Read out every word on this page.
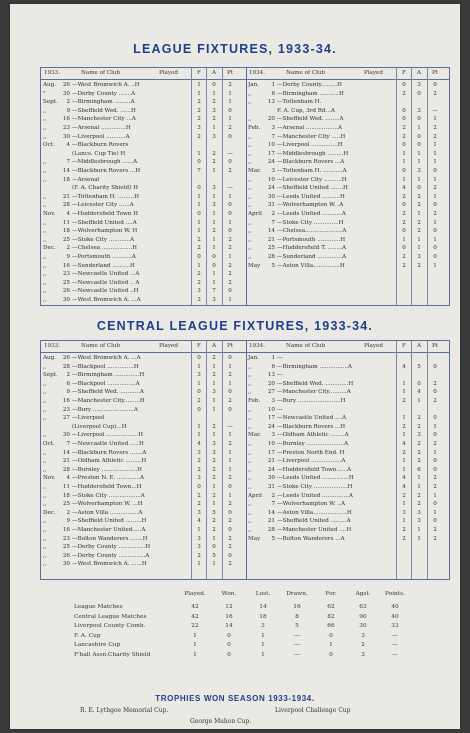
LEAGUE FIXTURES, 1933-34.
1933.	Name of Club	Played	F	A	Pt
Aug.	26 —West Bromwich A. ..H	1	0	2
"	30 —Derby County .......A	1	1	1
Sept.	2 —Birmingham .........A	2	2	1
,,	9 —Sheffield Wed. ......H	2	3	0
,,	16 —Manchester City ...A	2	2	1
,,	23 —Arsenal ..............H	3	1	2
,,	30 —Liverpool ...........A	2	3	0
Oct.	4 —Blackburn Rovers
(Lancs. Cup Tie) H	1	2	—
,,	7 —Middlesbrough ......A	0	2	0
,,	14 —Blackburn Rovers ...H	7	1	2
,,	18 —Arsenal
(F. A. Charity Shield) H	0	3	—
,,	21 —Tottenham H. .........H	1	1	1
,,	28 —Leicester City ......A	1	3	0
Nov.	4 —Huddersfield Town H	0	1	0
,,	11 —Sheffield United ....A	1	1	1
,,	18 —Wolverhampton W. H	1	2	0
,,	25 —Stoke City ............A	2	1	2
Dec.	2 —Chelsea .................H	2	1	2
,,	9 —Portsmouth ...........A	0	0	1
,,	16 —Sunderland ..........H	1	0	2
,,	23 —Newcastle United ...A	2	1	2
,,	25 —Newcastle United .. A	2	1	2
,,	26 —Newcastle United ..H	3	7	0
,,	30 —West Bromwich A. ...A	3	3	1
1934.	Name of Club	Played	F	A	Pt
Jan.	1 —Derby County.........H	0	3	0
,,	6 —Birmingham ...........H	2	0	2
,,	13 —Tottenham H.
F. A. Cup, 3rd Rd...A	0	3	—
,,	20 —Sheffield Wed. ........A	0	0	1
Feb.	3 —Arsenal ..................A	2	1	2
,,	7 —Manchester City .....H	2	0	2
,,	10 —Liverpool ...............H	0	0	1
,,	17 —Middlesbrough .........H	1	1	1
,,	24 —Blackburn Rovers ...A	1	1	1
Mar.	3 —Tottenham H. ...........A	0	3	0
,,	10 —Leicester City ..........H	1	1	1
,,	24 —Sheffield United .......H	4	0	2
,,	30 —Leeds United ..........H	2	2	1
,,	31 —Wolverhampton W. .A	0	2	0
April	2 —Leeds United ...........A	2	1	2
,,	7 —Stoke City ..............H	2	2	1
,,	14 —Chelsea.....................A	0	2	0
,,	21 —Portsmouth .............H	1	1	1
,,	25 —Huddersfield T. ........A	0	1	0
,,	28 —Sunderland ..............A	2	3	0
May	5 —Aston Villa...............H	2	2	1
CENTRAL LEAGUE FIXTURES, 1933-34.
1933.	Name of Club	Played	F	A	Pt
Aug.	26 —West Bromwich A. ...A	0	2	0
,,	28 —Blackpool ...............H	1	1	1
Sept.	2 —Birmingham ..............H	3	2	2
,,	6 —Blackpool ................A	1	1	1
,,	9 —Sheffield Wed. ...........A	0	3	0
,,	16 —Manchester City.........H	2	1	2
,,	23 —Bury .......................A	0	1	0
,,	27 —Liverpool
(Liverpool Cup)...H	1	2	—
,,	30 —Liverpool ..................H	1	1	1
Oct.	7 —Newcastle United .....H	4	3	2
,,	14 —Blackburn Rovers .......A	3	3	1
,,	21 —Oldham Athletic .........H	2	2	1
,,	28 —Burnley ....................H	2	2	1
Nov.	4 —Preston N. E. .............A	3	2	2
,,	11 —Huddersfield Town...H	0	1	0
,,	18 —Stoke City ..................A	2	2	1
,,	25 —Wolverhampton W. ...H	2	1	2
Dec.	2 —Aston Villa ................A	3	5	0
,,	9 —Sheffield United .........H	4	2	2
,,	16 —Manchester United.....A	1	2	0
,,	23 —Bolton Wanderers .......H	3	1	2
,,	25 —Derby County ...............H	3	0	2
,,	26 —Derby County ...............A	2	5	0
,,	30 —West Bromwich A. ......H	1	1	2
1934.	Name of Club	Played	F	A	Pt
Jan.	1 —
,,	6 —Birmingham ................A	4	5	0
,,	13 —
,,	20 —Sheffield Wed. .............H	1	0	2
,,	27 —Manchester City..........A	1	4	0
Feb.	3 —Bury ........................H	2	1	2
,,	10 —
,,	17 —Newcastle United ....A	1	2	0
,,	24 —Blackburn Rovers ...H	2	2	1
Mar.	3 —Oldham Athletic ........A	1	3	0
,,	10 —Burnley .....................A	4	2	2
,,	17 —Preston North End. H	2	2	1
,,	21 —Liverpool .................A	1	2	0
,,	24 —Huddersfield Town......A	1	6	0
,,	30 —Leeds United ...............H	4	1	2
,,	31 —Stoke City ...................H	4	1	2
April	2 —Leeds United ...............A	2	2	1
,,	7 —Wolverhampton W. ..A	1	2	0
,,	14 —Aston Villa...................H	3	3	1
,,	21 —Sheffield United .........A	1	3	0
,,	28 —Manchester United ....H	2	1	2
May	5 —Bolton Wanderers ...A	2	1	2
Played.	Won.	Lost.	Drawn.	For.	Agst.	Points.
League Matches	42	12	14	16	62	63	40
Central League Matches	42	16	18	8	82	90	40
Liverpool County Comb.	22	14	3	5	66	30	33
F. A. Cup	1	0	1	—	0	3	—
Lancashire Cup	1	0	1	—	1	2	—
F'ball Assn.Charity Shield	1	0	1	—	0	3	—
TROPHIES WON SEASON 1933-1934.
R. E. Lythgoe Memorial Cup.	Liverpool Challenge Cup
George Mahon Cup.
